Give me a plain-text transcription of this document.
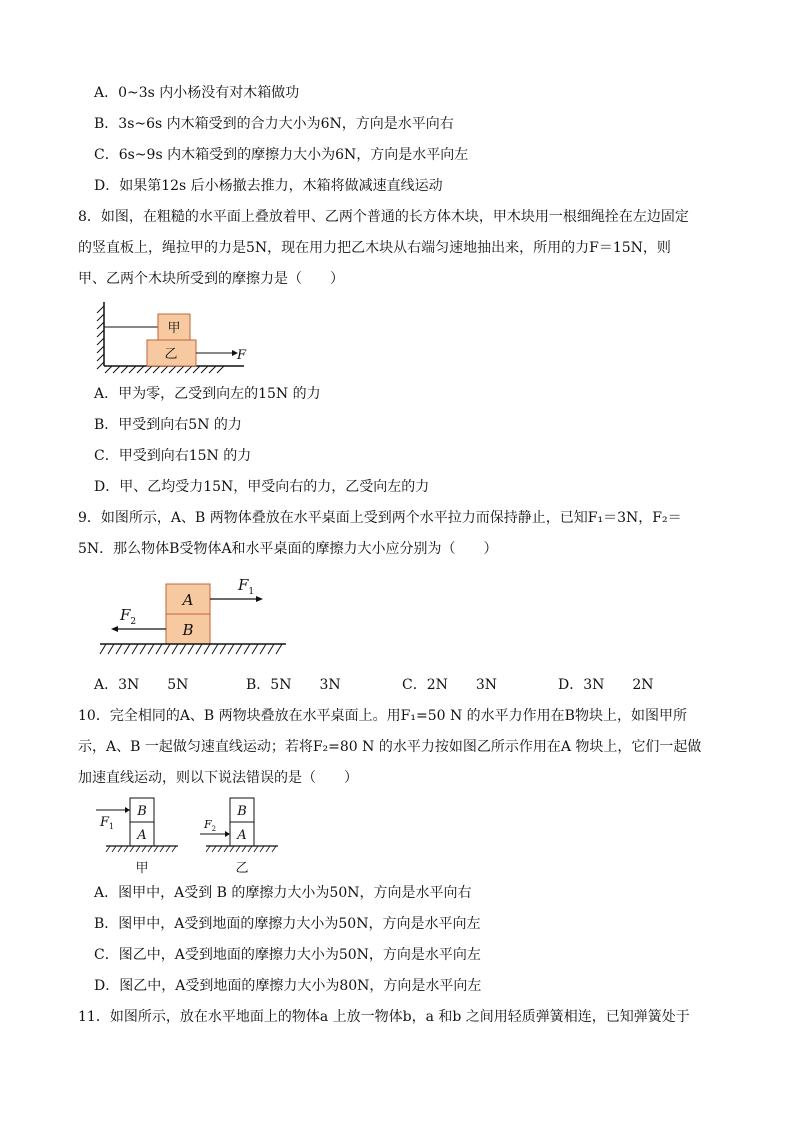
A．0~3s 内小杨没有对木箱做功
B．3s~6s 内木箱受到的合力大小为6N，方向是水平向右
C．6s~9s 内木箱受到的摩擦力大小为6N，方向是水平向左
D．如果第12s 后小杨撤去推力，木箱将做减速直线运动
8．如图，在粗糙的水平面上叠放着甲、乙两个普通的长方体木块，甲木块用一根细绳拴在左边固定
的竖直板上，绳拉甲的力是5N，现在用力把乙木块从右端匀速地抽出来，所用的力F＝15N，则
甲、乙两个木块所受到的摩擦力是（　　）
甲
乙	F
A．甲为零，乙受到向左的15N 的力
B．甲受到向右5N 的力
C．甲受到向右15N 的力
D．甲、乙均受力15N，甲受向右的力，乙受向左的力
9．如图所示，A、B 两物体叠放在水平桌面上受到两个水平拉力而保持静止，已知F₁＝3N，F₂＝
5N．那么物体B受物体A和水平桌面的摩擦力大小应分别为（　　）
A
B
$F_1$
$F_2$
A．3N　　5N	B．5N　　3N	C．2N　　3N	D．3N　　2N
10．完全相同的A、B 两物块叠放在水平桌面上。用F₁=50 N 的水平力作用在B物块上，如图甲所
示，A、B 一起做匀速直线运动；若将F₂=80 N 的水平力按如图乙所示作用在A 物块上，它们一起做
加速直线运动，则以下说法错误的是（　　）
B
A
$F_1$
甲
B
A
$F_2$
乙
A．图甲中，A受到 B 的摩擦力大小为50N，方向是水平向右
B．图甲中，A受到地面的摩擦力大小为50N，方向是水平向左
C．图乙中，A受到地面的摩擦力大小为50N，方向是水平向左
D．图乙中，A受到地面的摩擦力大小为80N，方向是水平向左
11．如图所示，放在水平地面上的物体a 上放一物体b，a 和b 之间用轻质弹簧相连，已知弹簧处于
